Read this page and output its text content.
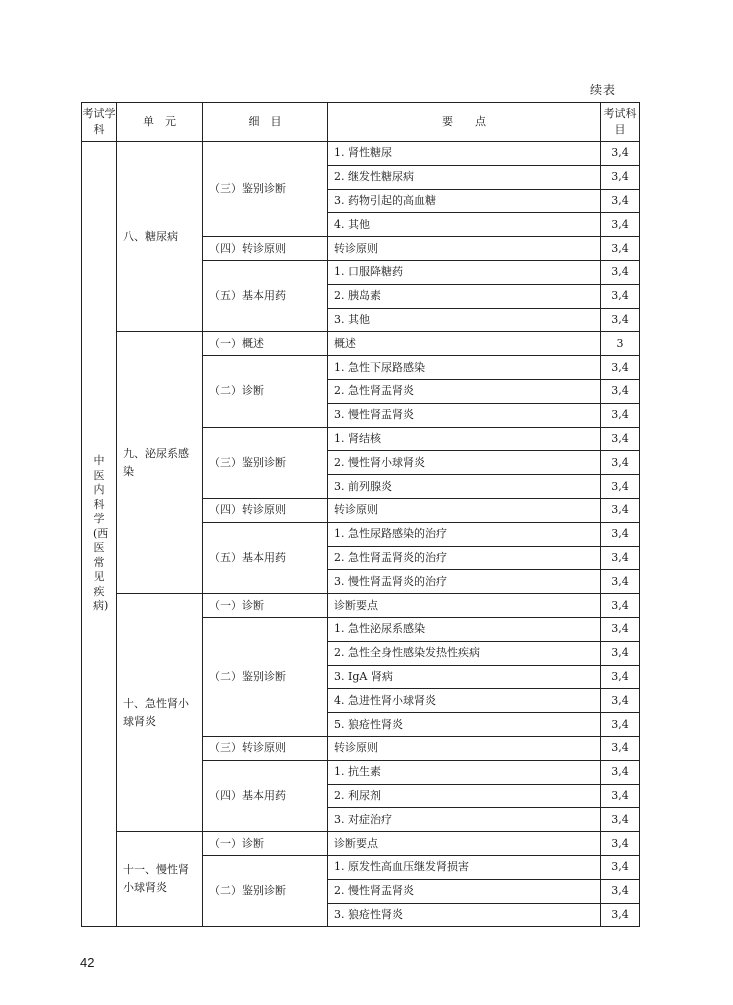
续表
考试学科	单　元	细　目	要　　点	考试科目
中医内科学(西医常见疾病)	八、糖尿病	（三）鉴别诊断	1. 肾性糖尿	3,4
			2. 继发性糖尿病	3,4
			3. 药物引起的高血糖	3,4
			4. 其他	3,4
		（四）转诊原则	转诊原则	3,4
		（五）基本用药	1. 口服降糖药	3,4
			2. 胰岛素	3,4
			3. 其他	3,4
	九、泌尿系感染	（一）概述	概述	3
		（二）诊断	1. 急性下尿路感染	3,4
			2. 急性肾盂肾炎	3,4
			3. 慢性肾盂肾炎	3,4
		（三）鉴别诊断	1. 肾结核	3,4
			2. 慢性肾小球肾炎	3,4
			3. 前列腺炎	3,4
		（四）转诊原则	转诊原则	3,4
		（五）基本用药	1. 急性尿路感染的治疗	3,4
			2. 急性肾盂肾炎的治疗	3,4
			3. 慢性肾盂肾炎的治疗	3,4
	十、急性肾小球肾炎	（一）诊断	诊断要点	3,4
		（二）鉴别诊断	1. 急性泌尿系感染	3,4
			2. 急性全身性感染发热性疾病	3,4
			3. IgA 肾病	3,4
			4. 急进性肾小球肾炎	3,4
			5. 狼疮性肾炎	3,4
		（三）转诊原则	转诊原则	3,4
		（四）基本用药	1. 抗生素	3,4
			2. 利尿剂	3,4
			3. 对症治疗	3,4
	十一、慢性肾小球肾炎	（一）诊断	诊断要点	3,4
		（二）鉴别诊断	1. 原发性高血压继发肾损害	3,4
			2. 慢性肾盂肾炎	3,4
			3. 狼疮性肾炎	3,4
42
